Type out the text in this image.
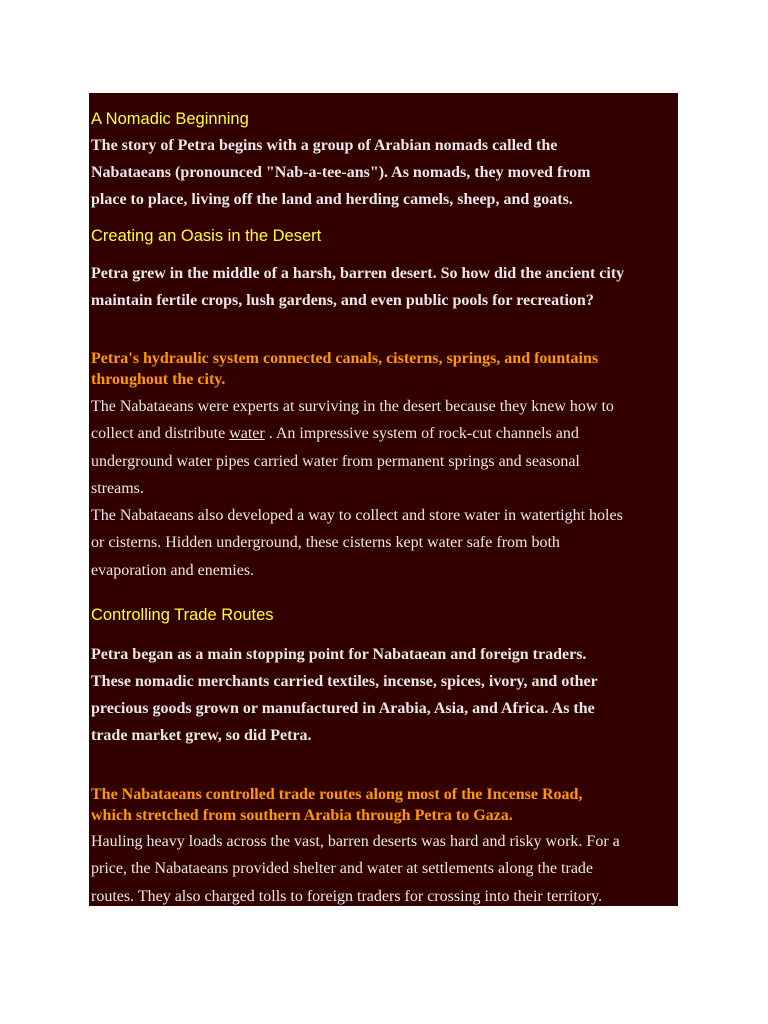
A Nomadic Beginning
The story of Petra begins with a group of Arabian nomads called the
Nabataeans (pronounced "Nab-a-tee-ans"). As nomads, they moved from
place to place, living off the land and herding camels, sheep, and goats.
Creating an Oasis in the Desert
Petra grew in the middle of a harsh, barren desert. So how did the ancient city
maintain fertile crops, lush gardens, and even public pools for recreation?
Petra's hydraulic system connected canals, cisterns, springs, and fountains
throughout the city.
The Nabataeans were experts at surviving in the desert because they knew how to
collect and distribute water . An impressive system of rock-cut channels and
underground water pipes carried water from permanent springs and seasonal
streams.
The Nabataeans also developed a way to collect and store water in watertight holes
or cisterns. Hidden underground, these cisterns kept water safe from both
evaporation and enemies.
Controlling Trade Routes
Petra began as a main stopping point for Nabataean and foreign traders.
These nomadic merchants carried textiles, incense, spices, ivory, and other
precious goods grown or manufactured in Arabia, Asia, and Africa. As the
trade market grew, so did Petra.
The Nabataeans controlled trade routes along most of the Incense Road,
which stretched from southern Arabia through Petra to Gaza.
Hauling heavy loads across the vast, barren deserts was hard and risky work. For a
price, the Nabataeans provided shelter and water at settlements along the trade
routes. They also charged tolls to foreign traders for crossing into their territory.
